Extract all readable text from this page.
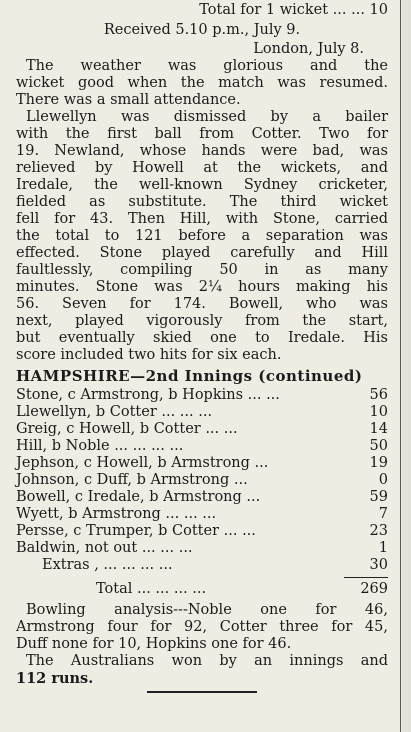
Total for 1 wicket ... ... 10
Received 5.10 p.m., July 9.
London, July 8.
The weather was glorious and the
wicket good when the match was resumed.
There was a small attendance.
Llewellyn was dismissed by a bailer
with the first ball from Cotter. Two for
19. Newland, whose hands were bad, was
relieved by Howell at the wickets, and
Iredale, the well-known Sydney cricketer,
fielded as substitute. The third wicket
fell for 43. Then Hill, with Stone, carried
the total to 121 before a separation was
effected. Stone played carefully and Hill
faultlessly, compiling 50 in as many
minutes. Stone was 2¼ hours making his
56. Seven for 174. Bowell, who was
next, played vigorously from the start,
but eventually skied one to Iredale. His
score included two hits for six each.
HAMPSHIRE—2nd Innings (continued)
Stone, c Armstrong, b Hopkins ... ...	56
Llewellyn, b Cotter ... ... ...	10
Greig, c Howell, b Cotter ... ...	14
Hill, b Noble ... ... ... ...	50
Jephson, c Howell, b Armstrong ...	19
Johnson, c Duff, b Armstrong ...	0
Bowell, c Iredale, b Armstrong ...	59
Wyett, b Armstrong ... ... ...	7
Persse, c Trumper, b Cotter ... ...	23
Baldwin, not out ... ... ...	1
Extras , ... ... ... ...	30
Total ... ... ... ...	269
Bowling analysis---Noble one for 46,
Armstrong four for 92, Cotter three for 45,
Duff none for 10, Hopkins one for 46.
The Australians won by an innings and
112 runs.
